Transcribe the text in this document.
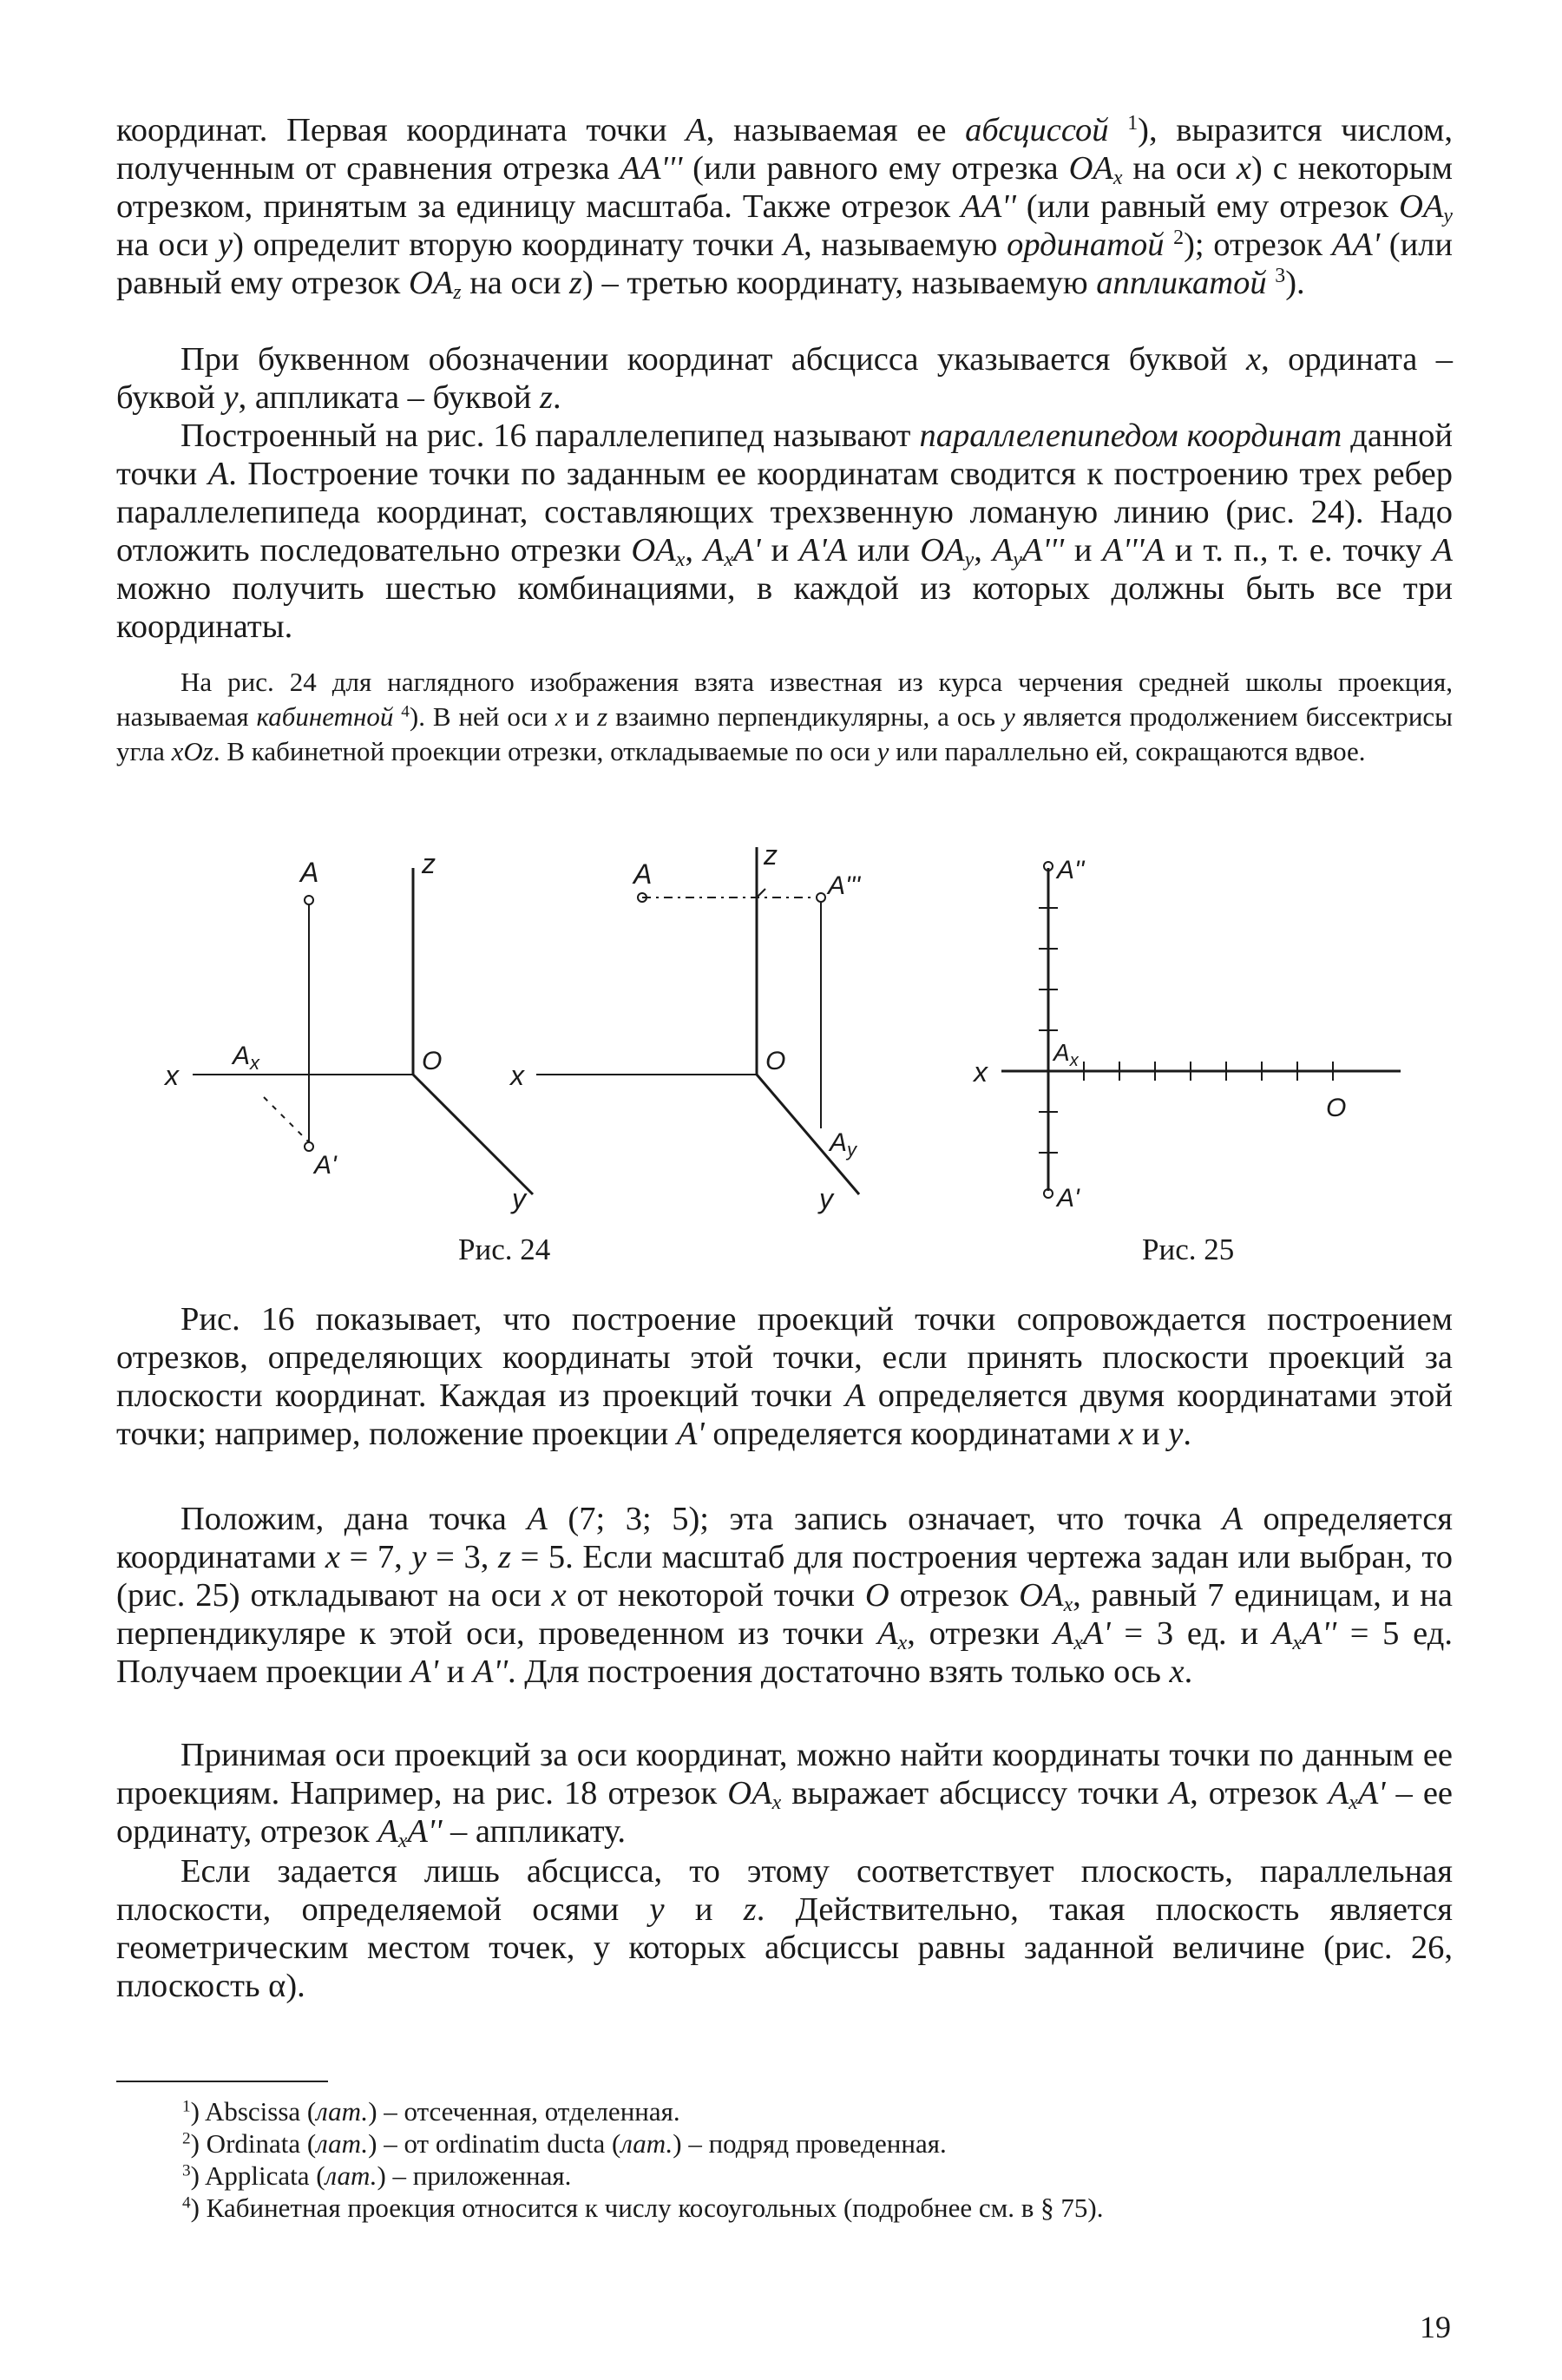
координат. Первая координата точки A, называемая ее абсциссой $^1$), выразится числом, полученным от сравнения отрезка AA''' (или равного ему отрезка $OA_x$ на оси x) с некоторым отрезком, принятым за единицу масштаба. Также отрезок AA'' (или равный ему отрезок $OA_y$ на оси y) определит вторую координату точки A, называемую ординатой $^2$); отрезок AA' (или равный ему отрезок $OA_z$ на оси z) – третью координату, называемую аппликатой $^3$).

При буквенном обозначении координат абсцисса указывается буквой x, ордината – буквой y, аппликата – буквой z.

Построенный на рис. 16 параллелепипед называют параллелепипедом координат данной точки A. Построение точки по заданным ее координатам сводится к построению трех ребер параллелепипеда координат, составляющих трехзвенную ломаную линию (рис. 24). Надо отложить последовательно отрезки $OA_x$, $A_xA'$ и A'A или $OA_y$, $A_yA'''$ и A'''A и т. п., т. е. точку A можно получить шестью комбинациями, в каждой из которых должны быть все три координаты.

На рис. 24 для наглядного изображения взята известная из курса черчения средней школы проекция, называемая кабинетной $^4$). В ней оси x и z взаимно перпендикулярны, а ось y является продолжением биссектрисы угла xOz. В кабинетной проекции отрезки, откладываемые по оси y или параллельно ей, сокращаются вдвое.

A	z
x
$A_x$	O
A'
y
A
z
A'''
x	O
$A_y$
y
A''
x
$A_x$
O
A'
Рис. 24	Рис. 25

Рис. 16 показывает, что построение проекций точки сопровождается построением отрезков, определяющих координаты этой точки, если принять плоскости проекций за плоскости координат. Каждая из проекций точки A определяется двумя координатами этой точки; например, положение проекции A' определяется координатами x и y.

Положим, дана точка A (7; 3; 5); эта запись означает, что точка A определяется координатами x = 7, y = 3, z = 5. Если масштаб для построения чертежа задан или выбран, то (рис. 25) откладывают на оси x от некоторой точки O отрезок $OA_x$, равный 7 единицам, и на перпендикуляре к этой оси, проведенном из точки $A_x$, отрезки $A_xA' = 3$ ед. и $A_xA'' = 5$ ед. Получаем проекции A' и A''. Для построения достаточно взять только ось x.

Принимая оси проекций за оси координат, можно найти координаты точки по данным ее проекциям. Например, на рис. 18 отрезок $OA_x$ выражает абсциссу точки A, отрезок $A_xA'$ – ее ординату, отрезок $A_xA''$ – аппликату.

Если задается лишь абсцисса, то этому соответствует плоскость, параллельная плоскости, определяемой осями y и z. Действительно, такая плоскость является геометрическим местом точек, у которых абсциссы равны заданной величине (рис. 26, плоскость α).

$^1$) Abscissa (лат.) – отсеченная, отделенная.

$^2$) Ordinata (лат.) – от ordinatim ducta (лат.) – подряд проведенная.

$^3$) Applicata (лат.) – приложенная.

$^4$) Кабинетная проекция относится к числу косоугольных (подробнее см. в § 75).

19
